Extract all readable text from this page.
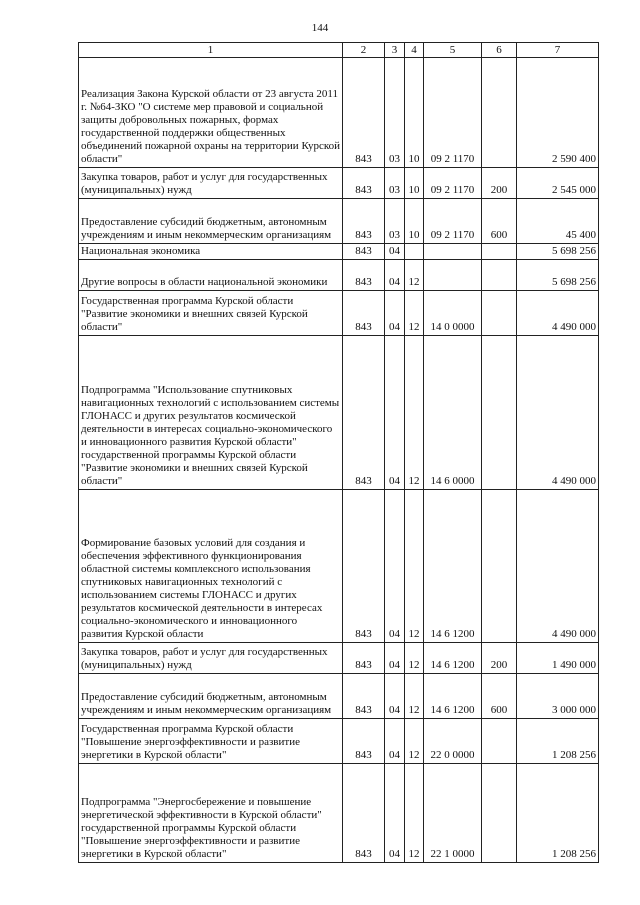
144
1	2	3	4	5	6	7
Реализация Закона Курской области от 23 августа 2011 г. №64-ЗКО "О системе мер правовой и социальной защиты добровольных пожарных, формах государственной поддержки общественных объединений пожарной охраны на территории Курской области"	843	03	10	09 2 1170		2 590 400
Закупка товаров, работ и услуг для государственных (муниципальных) нужд	843	03	10	09 2 1170	200	2 545 000
Предоставление субсидий бюджетным, автономным учреждениям и иным некоммерческим организациям	843	03	10	09 2 1170	600	45 400
Национальная экономика	843	04				5 698 256
Другие вопросы в области национальной экономики	843	04	12			5 698 256
Государственная программа Курской области "Развитие экономики и внешних связей Курской области"	843	04	12	14 0 0000		4 490 000
Подпрограмма "Использование спутниковых навигационных технологий с использованием системы ГЛОНАСС и других результатов космической деятельности в интересах социально-экономического и инновационного развития Курской области" государственной программы Курской области "Развитие экономики и внешних связей Курской области"	843	04	12	14 6 0000		4 490 000
Формирование базовых условий для создания и обеспечения эффективного функционирования областной системы комплексного использования спутниковых навигационных технологий с использованием системы ГЛОНАСС и других результатов космической деятельности в интересах социально-экономического и инновационного развития Курской области	843	04	12	14 6 1200		4 490 000
Закупка товаров, работ и услуг для государственных (муниципальных) нужд	843	04	12	14 6 1200	200	1 490 000
Предоставление субсидий бюджетным, автономным учреждениям и иным некоммерческим организациям	843	04	12	14 6 1200	600	3 000 000
Государственная программа Курской области "Повышение энергоэффективности и развитие энергетики в Курской области"	843	04	12	22 0 0000		1 208 256
Подпрограмма "Энергосбережение и повышение энергетической эффективности в Курской области" государственной программы Курской области "Повышение энергоэффективности и развитие энергетики в Курской области"	843	04	12	22 1 0000		1 208 256
